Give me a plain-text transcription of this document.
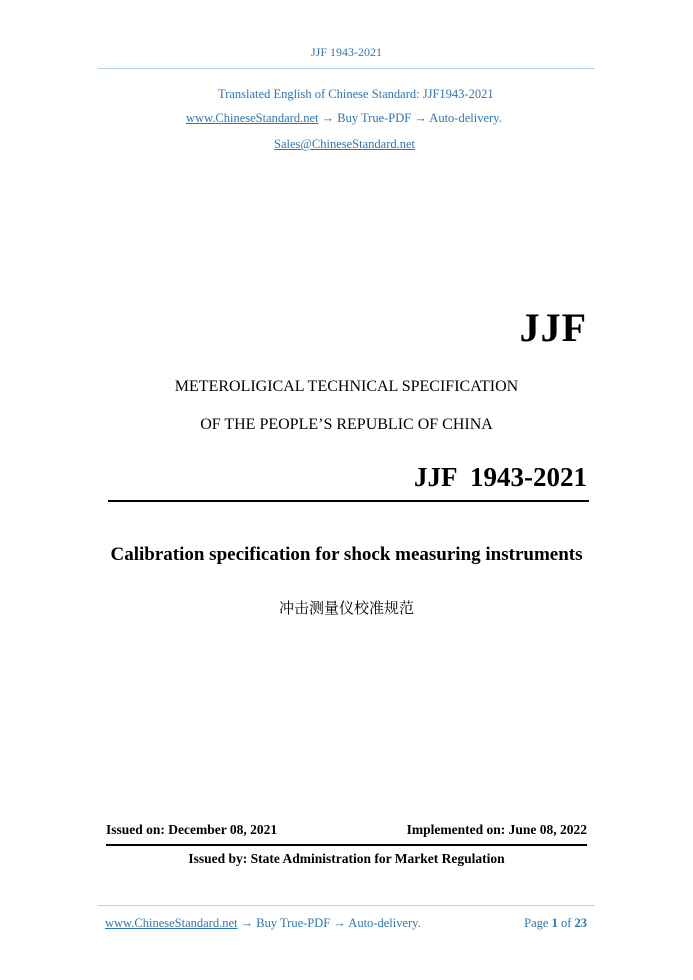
JJF 1943-2021
Translated English of Chinese Standard: JJF1943-2021
www.ChineseStandard.net → Buy True-PDF → Auto-delivery.
Sales@ChineseStandard.net
JJF
METEROLIGICAL TECHNICAL SPECIFICATION
OF THE PEOPLE’S REPUBLIC OF CHINA
JJF  1943-2021
Calibration specification for shock measuring instruments
冲击测量仪校准规范
Issued on: December 08, 2021	Implemented on: June 08, 2022
Issued by: State Administration for Market Regulation
www.ChineseStandard.net → Buy True-PDF → Auto-delivery.	Page 1 of 23
